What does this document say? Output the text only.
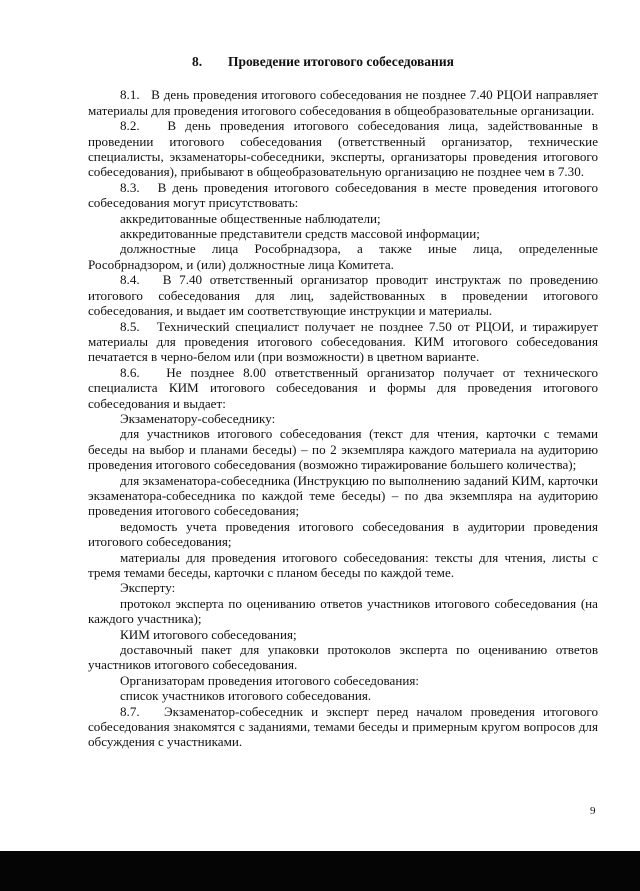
8. Проведение итогового собеседования

8.1.   В день проведения итогового собеседования не позднее 7.40 РЦОИ направляет материалы для проведения итогового собеседования в общеобразовательные организации.

8.2.   В день проведения итогового собеседования лица, задействованные в проведении итогового собеседования (ответственный организатор, технические специалисты, экзаменаторы-собеседники, эксперты, организаторы проведения итогового собеседования), прибывают в общеобразовательную организацию не позднее чем в 7.30.

8.3.   В день проведения итогового собеседования в месте проведения итогового собеседования могут присутствовать:

аккредитованные общественные наблюдатели;

аккредитованные представители средств массовой информации;

должностные лица Рособрнадзора, а также иные лица, определенные Рособрнадзором, и (или) должностные лица Комитета.

8.4.   В 7.40 ответственный организатор проводит инструктаж по проведению итогового собеседования для лиц, задействованных в проведении итогового собеседования, и выдает им соответствующие инструкции и материалы.

8.5.   Технический специалист получает не позднее 7.50 от РЦОИ, и тиражирует материалы для проведения итогового собеседования. КИМ итогового собеседования печатается в черно-белом или (при возможности) в цветном варианте.

8.6.   Не позднее 8.00 ответственный организатор получает от технического специалиста КИМ итогового собеседования и формы для проведения итогового собеседования и выдает:

Экзаменатору-собеседнику:

для участников итогового собеседования (текст для чтения, карточки с темами беседы на выбор и планами беседы) – по 2 экземпляра каждого материала на аудиторию проведения итогового собеседования (возможно тиражирование большего количества);

для экзаменатора-собеседника (Инструкцию по выполнению заданий КИМ, карточки экзаменатора-собеседника по каждой теме беседы) – по два экземпляра на аудиторию проведения итогового собеседования;

ведомость учета проведения итогового собеседования в аудитории проведения итогового собеседования;

материалы для проведения итогового собеседования: тексты для чтения, листы с тремя темами беседы, карточки с планом беседы по каждой теме.

Эксперту:

протокол эксперта по оцениванию ответов участников итогового собеседования (на каждого участника);

КИМ итогового собеседования;

доставочный пакет для упаковки протоколов эксперта по оцениванию ответов участников итогового собеседования.

Организаторам проведения итогового собеседования:

список участников итогового собеседования.

8.7.   Экзаменатор-собеседник и эксперт перед началом проведения итогового собеседования знакомятся с заданиями, темами беседы и примерным кругом вопросов для обсуждения с участниками.

9
